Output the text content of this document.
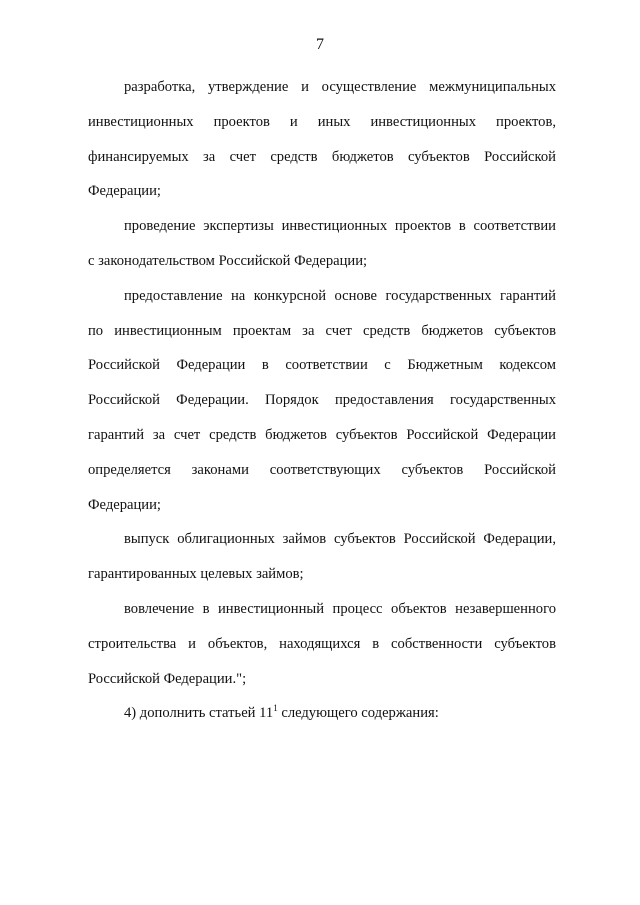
7

разработка, утверждение и осуществление межмуниципальных
инвестиционных проектов и иных инвестиционных проектов,
финансируемых за счет средств бюджетов субъектов Российской
Федерации;

проведение экспертизы инвестиционных проектов в соответствии
с законодательством Российской Федерации;

предоставление на конкурсной основе государственных гарантий
по инвестиционным проектам за счет средств бюджетов субъектов
Российской Федерации в соответствии с Бюджетным кодексом
Российской Федерации. Порядок предоставления государственных
гарантий за счет средств бюджетов субъектов Российской Федерации
определяется законами соответствующих субъектов Российской
Федерации;

выпуск облигационных займов субъектов Российской Федерации,
гарантированных целевых займов;

вовлечение в инвестиционный процесс объектов незавершенного
строительства и объектов, находящихся в собственности субъектов
Российской Федерации.";

4) дополнить статьей $11^1$ следующего содержания:
